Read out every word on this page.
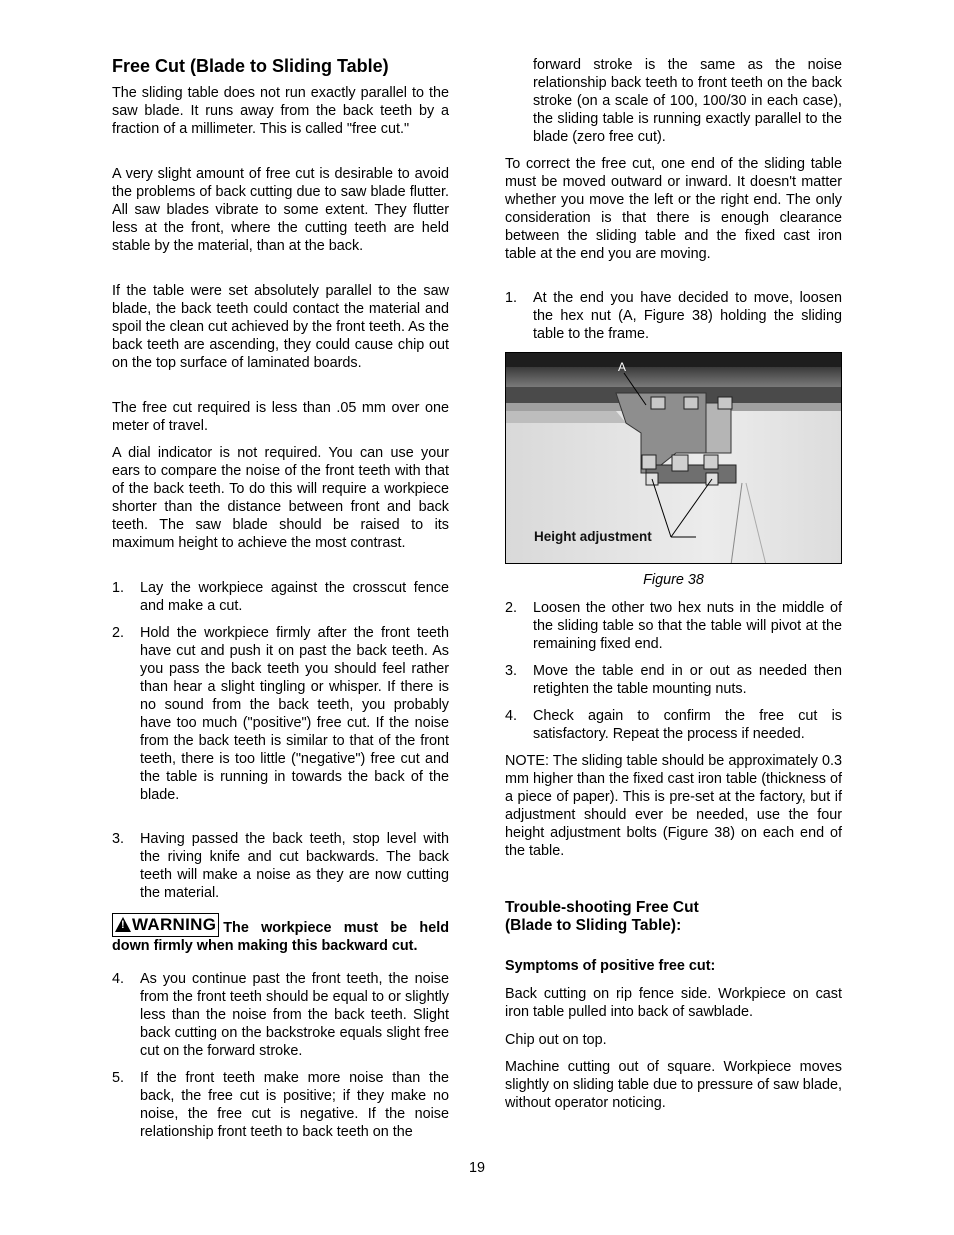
Free Cut (Blade to Sliding Table)

The sliding table does not run exactly parallel to the saw blade. It runs away from the back teeth by a fraction of a millimeter. This is called "free cut."

A very slight amount of free cut is desirable to avoid the problems of back cutting due to saw blade flutter. All saw blades vibrate to some extent. They flutter less at the front, where the cutting teeth are held stable by the material, than at the back.

If the table were set absolutely parallel to the saw blade, the back teeth could contact the material and spoil the clean cut achieved by the front teeth. As the back teeth are ascending, they could cause chip out on the top surface of laminated boards.

The free cut required is less than .05 mm over one meter of travel.

A dial indicator is not required. You can use your ears to compare the noise of the front teeth with that of the back teeth. To do this will require a workpiece shorter than the distance between front and back teeth. The saw blade should be raised to its maximum height to achieve the most contrast.

1. Lay the workpiece against the crosscut fence and make a cut.
2. Hold the workpiece firmly after the front teeth have cut and push it on past the back teeth. As you pass the back teeth you should feel rather than hear a slight tingling or whisper. If there is no sound from the back teeth, you probably have too much ("positive") free cut. If the noise from the back teeth is similar to that of the front teeth, there is too little ("negative") free cut and the table is running in towards the back of the blade.
3. Having passed the back teeth, stop level with the riving knife and cut backwards. The back teeth will make a noise as they are now cutting the material.
!WARNING The workpiece must be held down firmly when making this backward cut.
4. As you continue past the front teeth, the noise from the front teeth should be equal to or slightly less than the noise from the back teeth. Slight back cutting on the backstroke equals slight free cut on the forward stroke.
5. If the front teeth make more noise than the back, the free cut is positive; if they make no noise, the free cut is negative. If the noise relationship front teeth to back teeth on the

forward stroke is the same as the noise relationship back teeth to front teeth on the back stroke (on a scale of 100, 100/30 in each case), the sliding table is running exactly parallel to the blade (zero free cut).

To correct the free cut, one end of the sliding table must be moved outward or inward. It doesn't matter whether you move the left or the right end. The only consideration is that there is enough clearance between the sliding table and the fixed cast iron table at the end you are moving.

1. At the end you have decided to move, loosen the hex nut (A, Figure 38) holding the sliding table to the frame.
A
Height adjustment
Figure 38
2. Loosen the other two hex nuts in the middle of the sliding table so that the table will pivot at the remaining fixed end.
3. Move the table end in or out as needed then retighten the table mounting nuts.
4. Check again to confirm the free cut is satisfactory. Repeat the process if needed.

NOTE: The sliding table should be approximately 0.3 mm higher than the fixed cast iron table (thickness of a piece of paper). This is pre-set at the factory, but if adjustment should ever be needed, use the four height adjustment bolts (Figure 38) on each end of the table.

Trouble-shooting Free Cut
(Blade to Sliding Table):
Symptoms of positive free cut:

Back cutting on rip fence side. Workpiece on cast iron table pulled into back of sawblade.

Chip out on top.

Machine cutting out of square. Workpiece moves slightly on sliding table due to pressure of saw blade, without operator noticing.

19
